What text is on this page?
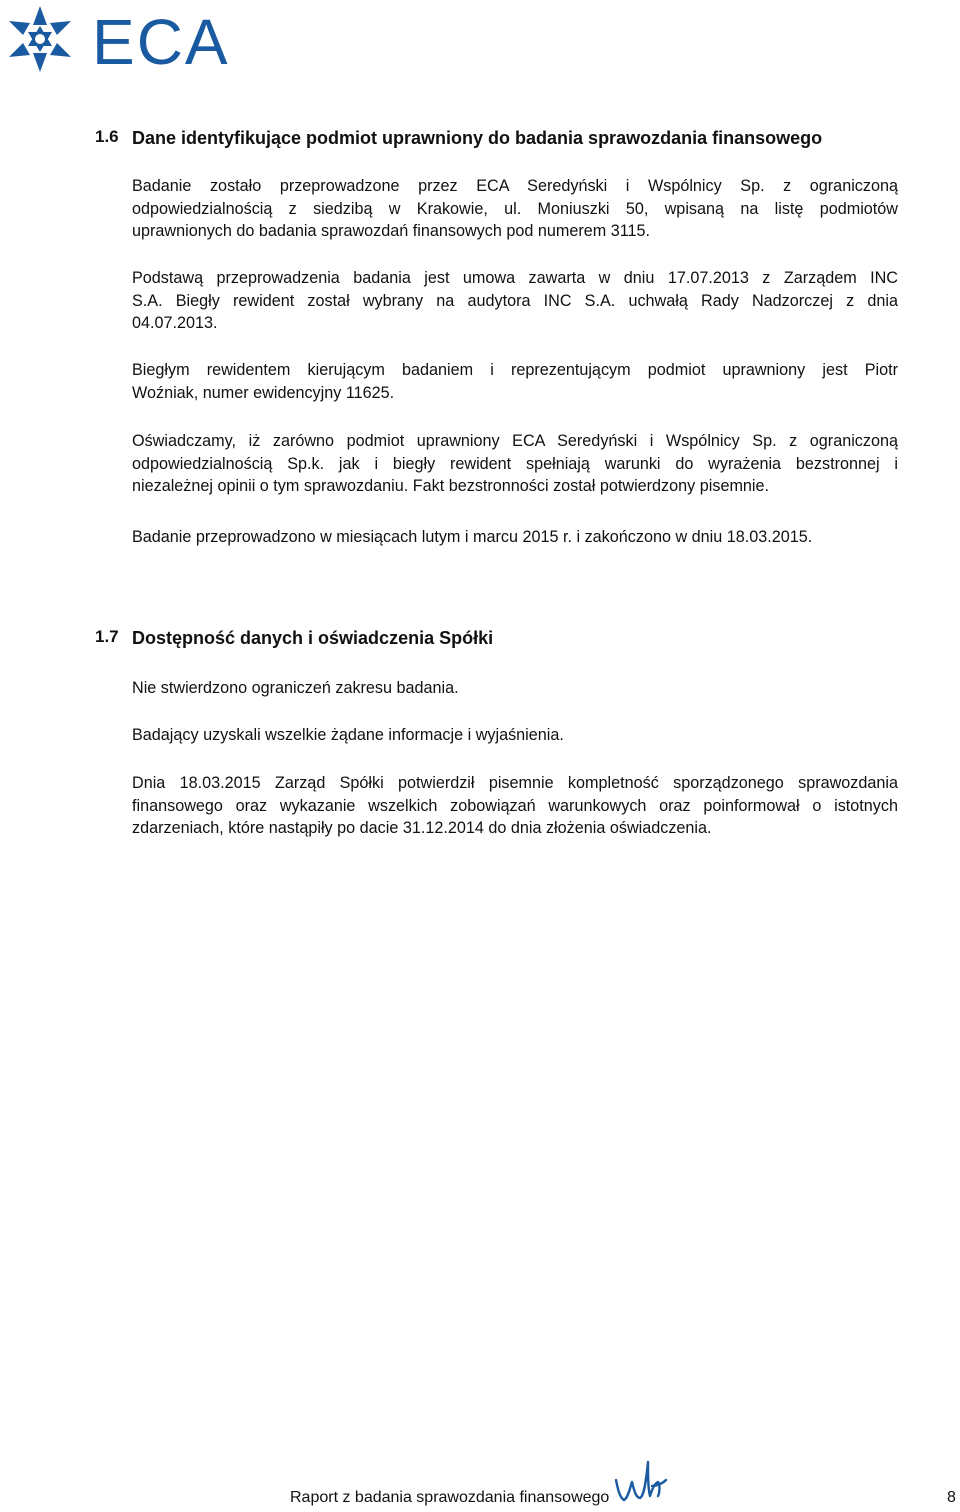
ECA
1.6 Dane identyfikujące podmiot uprawniony do badania sprawozdania finansowego
Badanie zostało przeprowadzone przez ECA Seredyński i Wspólnicy Sp. z ograniczoną
odpowiedzialnością z siedzibą w Krakowie, ul. Moniuszki 50, wpisaną na listę podmiotów
uprawnionych do badania sprawozdań finansowych pod numerem 3115.
Podstawą przeprowadzenia badania jest umowa zawarta w dniu 17.07.2013 z Zarządem INC
S.A. Biegły rewident został wybrany na audytora INC S.A. uchwałą Rady Nadzorczej z dnia
04.07.2013.
Biegłym rewidentem kierującym badaniem i reprezentującym podmiot uprawniony jest Piotr
Woźniak, numer ewidencyjny 11625.
Oświadczamy, iż zarówno podmiot uprawniony ECA Seredyński i Wspólnicy Sp. z ograniczoną
odpowiedzialnością Sp.k. jak i biegły rewident spełniają warunki do wyrażenia bezstronnej i
niezależnej opinii o tym sprawozdaniu. Fakt bezstronności został potwierdzony pisemnie.
Badanie przeprowadzono w miesiącach lutym i marcu 2015 r. i zakończono w dniu 18.03.2015.
1.7 Dostępność danych i oświadczenia Spółki
Nie stwierdzono ograniczeń zakresu badania.
Badający uzyskali wszelkie żądane informacje i wyjaśnienia.
Dnia 18.03.2015 Zarząd Spółki potwierdził pisemnie kompletność sporządzonego sprawozdania
finansowego oraz wykazanie wszelkich zobowiązań warunkowych oraz poinformował o istotnych
zdarzeniach, które nastąpiły po dacie 31.12.2014 do dnia złożenia oświadczenia.
Raport z badania sprawozdania finansowego	8
